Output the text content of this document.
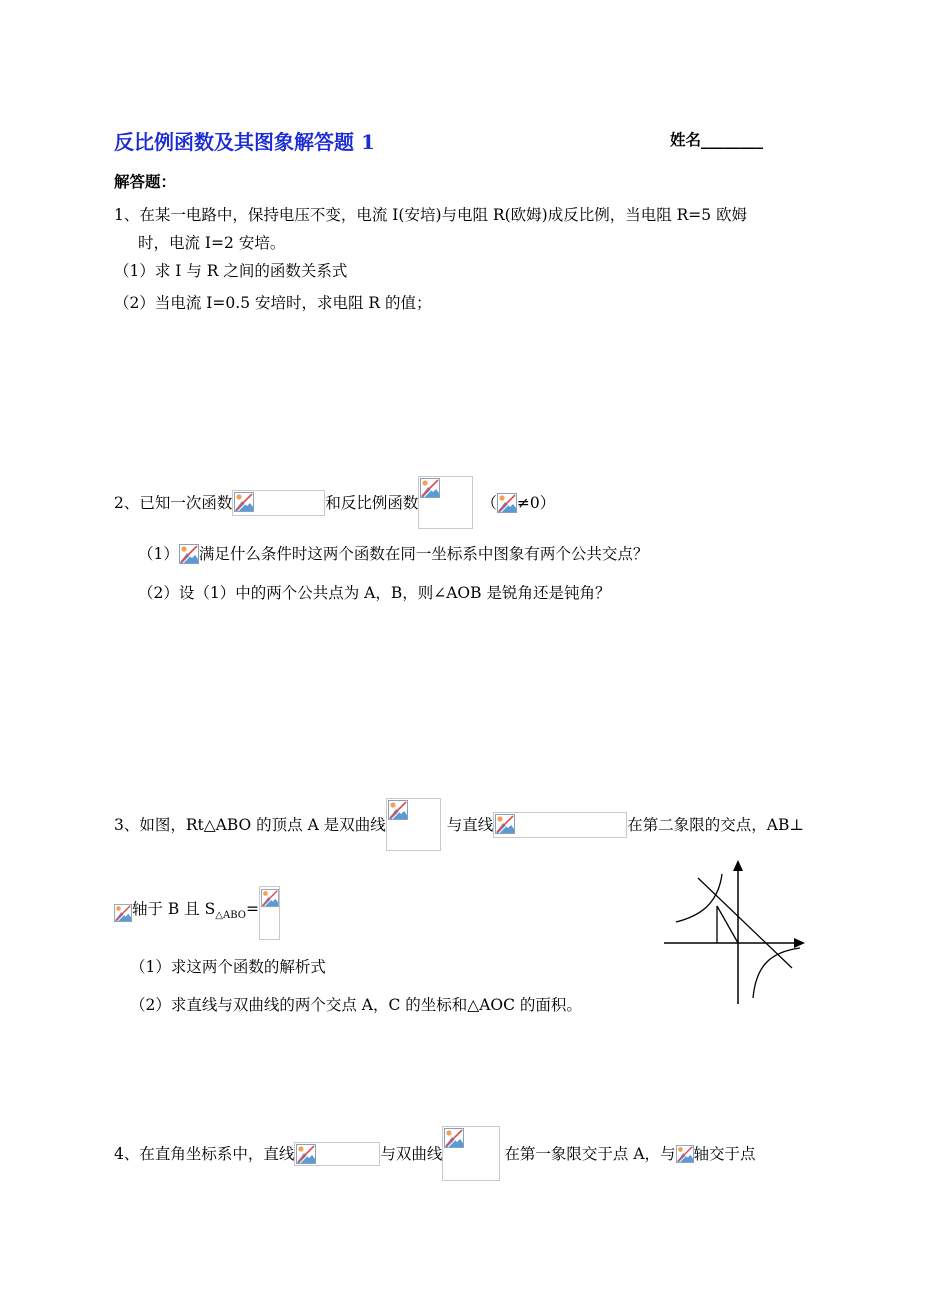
反比例函数及其图象解答题 1	姓名________
解答题：
1、在某一电路中，保持电压不变，电流 I(安培)与电阻 R(欧姆)成反比例，当电阻 R=5 欧姆
时，电流 I=2 安培。
（1）求 I 与 R 之间的函数关系式
（2）当电流 I=0.5 安培时，求电阻 R 的值；
2、已知一次函数	和反比例函数	（ ≠0）
（1） 满足什么条件时这两个函数在同一坐标系中图象有两个公共交点？
（2）设（1）中的两个公共点为 A，B，则∠AOB 是锐角还是钝角？
3、如图，Rt△ABO 的顶点 A 是双曲线	与直线	在第二象限的交点，AB⊥
轴于 B 且 $S_{\triangle ABO}=$
（1）求这两个函数的解析式
（2）求直线与双曲线的两个交点 A，C 的坐标和△AOC 的面积。
4、在直角坐标系中，直线	与双曲线	在第一象限交于点 A，与 轴交于点
